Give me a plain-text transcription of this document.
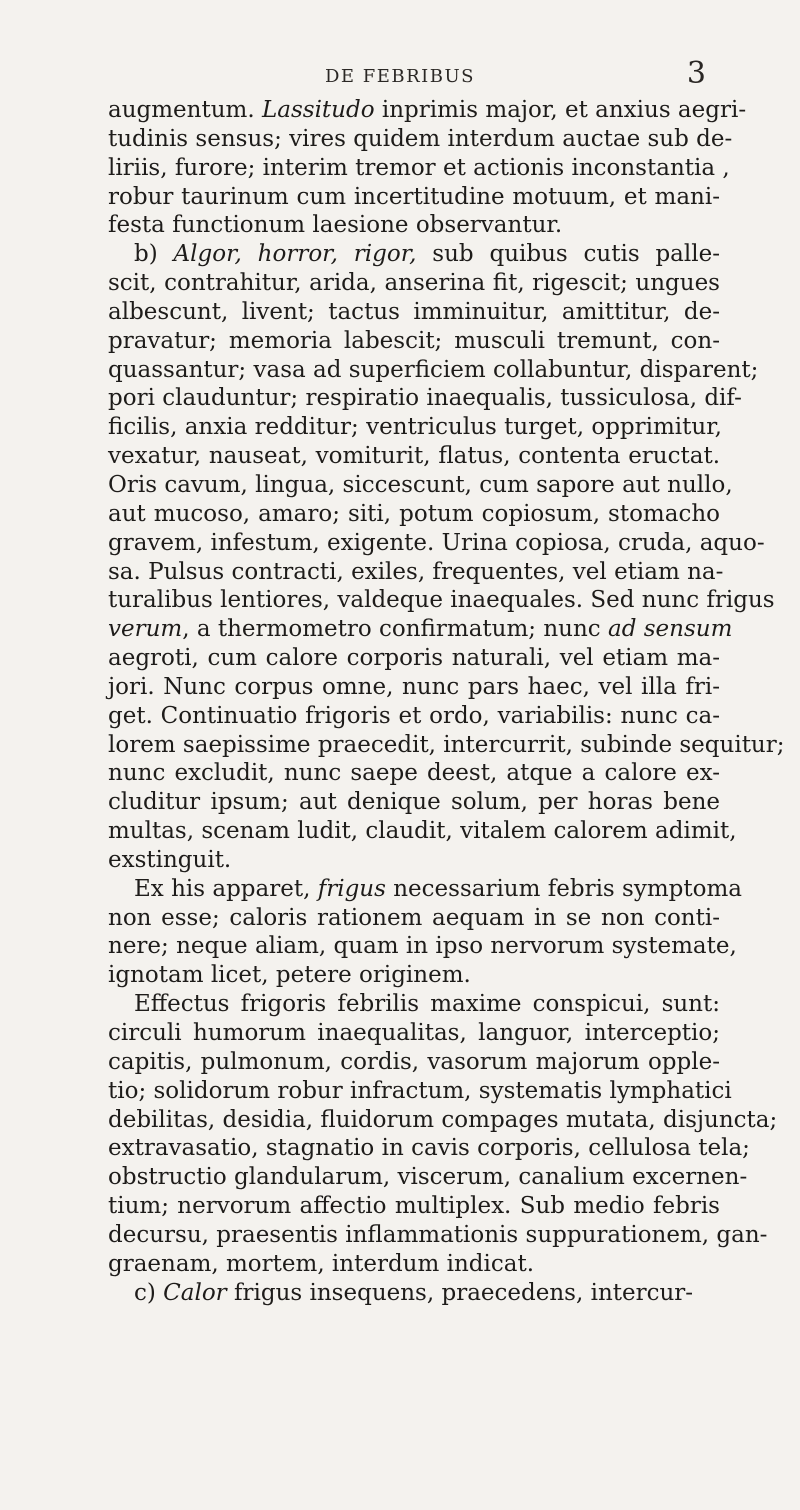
DE FEBRIBUS	3
augmentum. Lassitudo inprimis major, et anxius aegri-
tudinis sensus; vires quidem interdum auctae sub de-
liriis, furore; interim tremor et actionis inconstantia ,
robur taurinum cum incertitudine motuum, et mani-
festa functionum laesione observantur.
b) Algor, horror, rigor, sub quibus cutis palle-
scit, contrahitur, arida, anserina fit, rigescit; ungues
albescunt, livent; tactus imminuitur, amittitur, de-
pravatur; memoria labescit; musculi tremunt, con-
quassantur; vasa ad superficiem collabuntur, disparent;
pori clauduntur; respiratio inaequalis, tussiculosa, dif-
ficilis, anxia redditur; ventriculus turget, opprimitur,
vexatur, nauseat, vomiturit, flatus, contenta eructat.
Oris cavum, lingua, siccescunt, cum sapore aut nullo,
aut mucoso, amaro; siti, potum copiosum, stomacho
gravem, infestum, exigente. Urina copiosa, cruda, aquo-
sa. Pulsus contracti, exiles, frequentes, vel etiam na-
turalibus lentiores, valdeque inaequales. Sed nunc frigus
verum, a thermometro confirmatum; nunc ad sensum
aegroti, cum calore corporis naturali, vel etiam ma-
jori. Nunc corpus omne, nunc pars haec, vel illa fri-
get. Continuatio frigoris et ordo, variabilis: nunc ca-
lorem saepissime praecedit, intercurrit, subinde sequitur;
nunc excludit, nunc saepe deest, atque a calore ex-
cluditur ipsum; aut denique solum, per horas bene
multas, scenam ludit, claudit, vitalem calorem adimit,
exstinguit.
Ex his apparet, frigus necessarium febris symptoma
non esse; caloris rationem aequam in se non conti-
nere; neque aliam, quam in ipso nervorum systemate,
ignotam licet, petere originem.
Effectus frigoris febrilis maxime conspicui, sunt:
circuli humorum inaequalitas, languor, interceptio;
capitis, pulmonum, cordis, vasorum majorum opple-
tio; solidorum robur infractum, systematis lymphatici
debilitas, desidia, fluidorum compages mutata, disjuncta;
extravasatio, stagnatio in cavis corporis, cellulosa tela;
obstructio glandularum, viscerum, canalium excernen-
tium; nervorum affectio multiplex. Sub medio febris
decursu, praesentis inflammationis suppurationem, gan-
graenam, mortem, interdum indicat.
c) Calor frigus insequens, praecedens, intercur-
